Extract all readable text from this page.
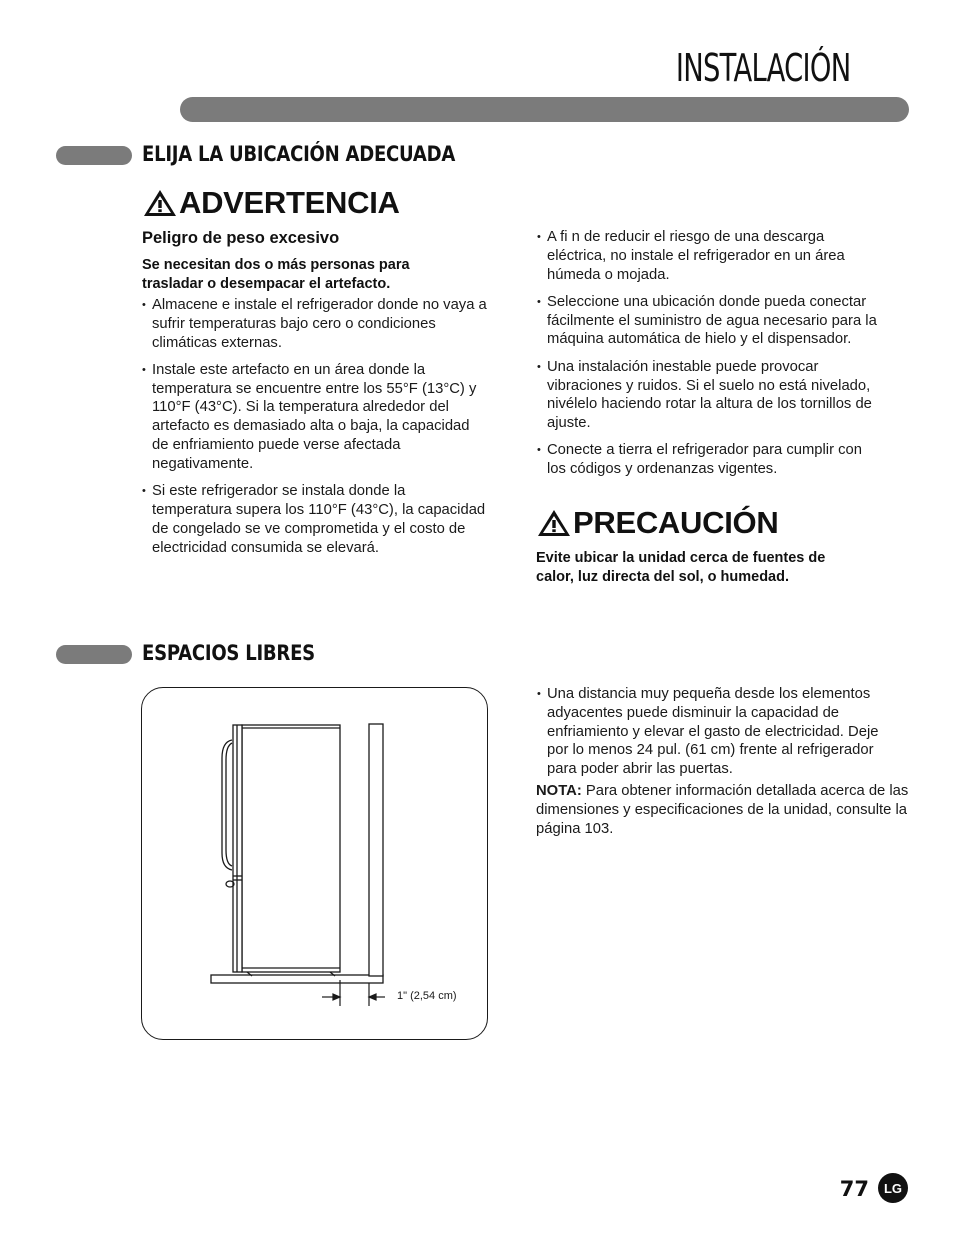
INSTALACIÓN
ELIJA LA UBICACIÓN ADECUADA
ADVERTENCIA
Peligro de peso excesivo
Se necesitan dos o más personas para trasladar o desempacar el artefacto.
• Almacene e instale el refrigerador donde no vaya a sufrir temperaturas bajo cero o condiciones climáticas externas.
• Instale este artefacto en un área donde la temperatura se encuentre entre los 55°F (13°C) y 110°F (43°C). Si la temperatura alrededor del artefacto es demasiado alta o baja, la capacidad de enfriamiento puede verse afectada negativamente.
• Si este refrigerador se instala donde la temperatura supera los 110°F (43°C), la capacidad de congelado se ve comprometida y el costo de electricidad consumida se elevará.
• A fi n de reducir el riesgo de una descarga eléctrica, no instale el refrigerador en un área húmeda o mojada.
• Seleccione una ubicación donde pueda conectar fácilmente el suministro de agua necesario para la máquina automática de hielo y el dispensador.
• Una instalación inestable puede provocar vibraciones y ruidos. Si el suelo no está nivelado, nivélelo haciendo rotar la altura de los tornillos de ajuste.
• Conecte a tierra el refrigerador para cumplir con los códigos y ordenanzas vigentes.
PRECAUCIÓN
Evite ubicar la unidad cerca de fuentes de calor, luz directa del sol, o humedad.
ESPACIOS LIBRES
1" (2,54 cm)
• Una distancia muy pequeña desde los elementos adyacentes puede disminuir la capacidad de enfriamiento y elevar el gasto de electricidad. Deje por lo menos 24 pul. (61 cm) frente al refrigerador para poder abrir las puertas.
NOTA: Para obtener información detallada acerca de las dimensiones y especificaciones de la unidad, consulte la página 103.
77 LG
